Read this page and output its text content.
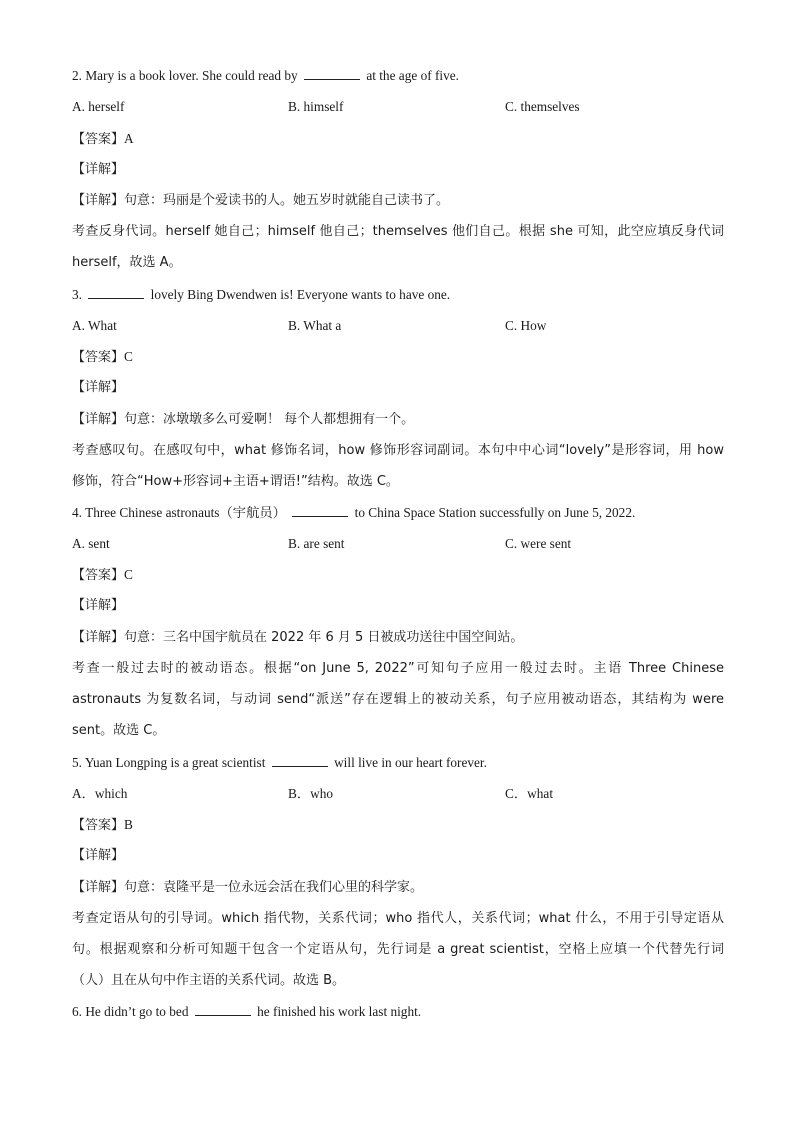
2. Mary is a book lover. She could read by	at the age of five.
A. herself	B. himself	C. themselves
【答案】A
【详解】
【详解】句意：玛丽是个爱读书的人。她五岁时就能自己读书了。
考查反身代词。herself 她自己；himself 他自己；themselves 他们自己。根据 she 可知，此空应填反身代词
herself，故选 A。
3.	lovely Bing Dwendwen is! Everyone wants to have one.
A. What	B. What a	C. How
【答案】C
【详解】
【详解】句意：冰墩墩多么可爱啊！ 每个人都想拥有一个。
考查感叹句。在感叹句中，what 修饰名词，how 修饰形容词副词。本句中中心词“lovely”是形容词，用 how
修饰，符合“How+形容词+主语+谓语!”结构。故选 C。
4. Three Chinese astronauts（宇航员）	to China Space Station successfully on June 5, 2022.
A. sent	B. are sent	C. were sent
【答案】C
【详解】
【详解】句意：三名中国宇航员在 2022 年 6 月 5 日被成功送往中国空间站。
考查一般过去时的被动语态。根据“on June 5, 2022”可知句子应用一般过去时。主语 Three Chinese
astronauts 为复数名词，与动词 send“派送”存在逻辑上的被动关系，句子应用被动语态，其结构为 were
sent。故选 C。
5. Yuan Longping is a great scientist	will live in our heart forever.
A．which	B．who	C．what
【答案】B
【详解】
【详解】句意：袁隆平是一位永远会活在我们心里的科学家。
考查定语从句的引导词。which 指代物，关系代词；who 指代人，关系代词；what 什么，不用于引导定语从
句。根据观察和分析可知题干包含一个定语从句，先行词是 a great scientist，空格上应填一个代替先行词
（人）且在从句中作主语的关系代词。故选 B。
6. He didn’t go to bed	he finished his work last night.
